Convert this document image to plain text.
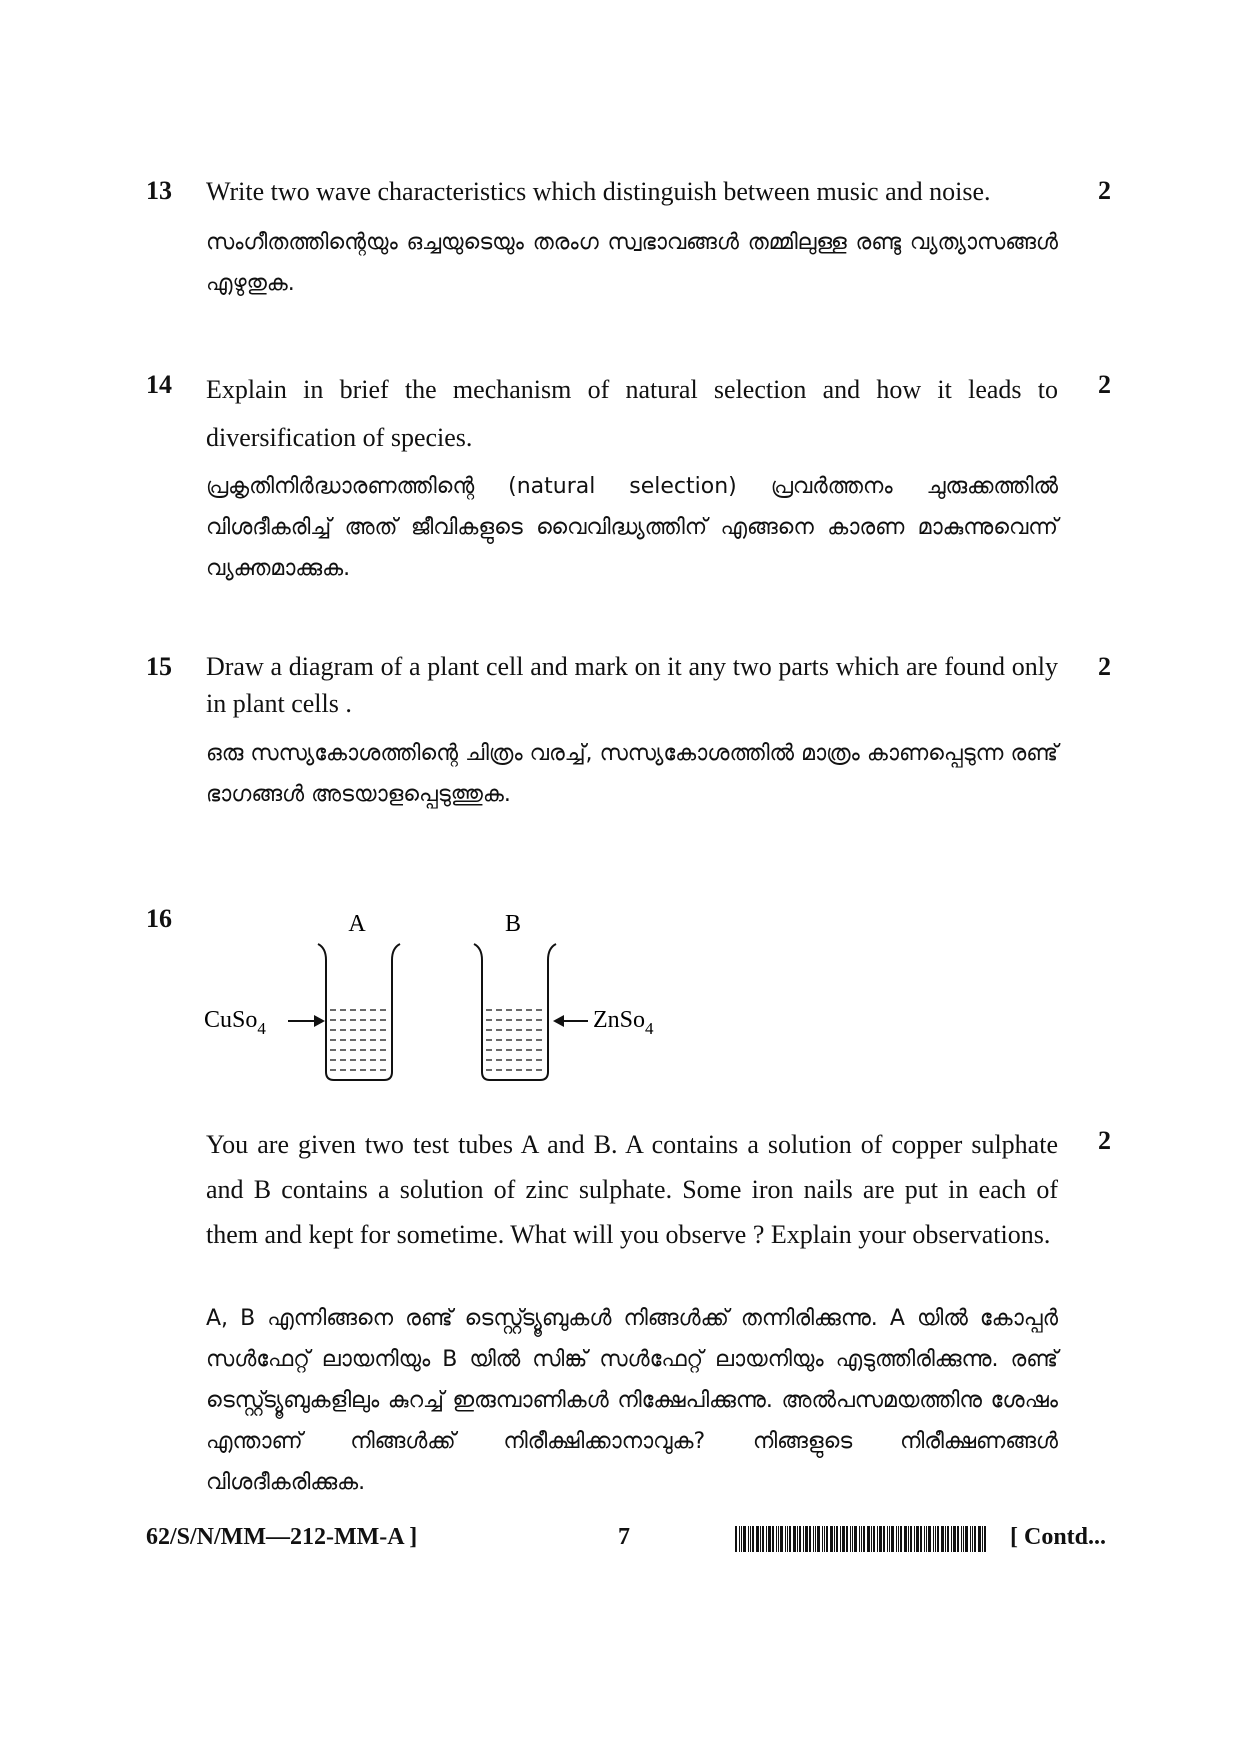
13 Write two wave characteristics which distinguish between music and noise.	2
സംഗീതത്തിന്റെയും ഒച്ചയുടെയും തരംഗ സ്വഭാവങ്ങൾ തമ്മിലുള്ള രണ്ടു വ്യത്യാസങ്ങൾ എഴുതുക.
14 Explain in brief the mechanism of natural selection and how it leads to diversification of species.
2
പ്രകൃതിനിർദ്ധാരണത്തിന്റെ (natural selection) പ്രവർത്തനം ചുരുക്കത്തിൽ വിശദീകരിച്ച് അത് ജീവികളുടെ വൈവിദ്ധ്യത്തിന് എങ്ങനെ കാരണ മാകുന്നുവെന്ന് വ്യക്തമാക്കുക.
15 Draw a diagram of a plant cell and mark on it any two parts which are found only in plant cells .
2
ഒരു സസ്യകോശത്തിന്റെ ചിത്രം വരച്ച്, സസ്യകോശത്തിൽ മാത്രം കാണപ്പെടുന്ന രണ്ട് ഭാഗങ്ങൾ അടയാളപ്പെടുത്തുക.
16	A	B
CuSo$_4$	ZnSo$_4$
You are given two test tubes A and B. A contains a solution of copper sulphate and B contains a solution of zinc sulphate. Some iron nails are put in each of them and kept for sometime. What will you observe ? Explain your observations.
2
A, B എന്നിങ്ങനെ രണ്ട് ടെസ്റ്റ്ട്യൂബുകൾ നിങ്ങൾക്ക് തന്നിരിക്കുന്നു. A യിൽ കോപ്പർ സൾഫേറ്റ് ലായനിയും B യിൽ സിങ്ക് സൾഫേറ്റ് ലായനിയും എടുത്തിരിക്കുന്നു. രണ്ട് ടെസ്റ്റ്ട്യൂബുകളിലും കുറച്ച് ഇരുമ്പാണികൾ നിക്ഷേപിക്കുന്നു. അൽപസമയത്തിനു ശേഷം എന്താണ് നിങ്ങൾക്ക് നിരീക്ഷിക്കാനാവുക? നിങ്ങളുടെ നിരീക്ഷണങ്ങൾ വിശദീകരിക്കുക.
62/S/N/MM—212-MM-A ]	7	[ Contd...
